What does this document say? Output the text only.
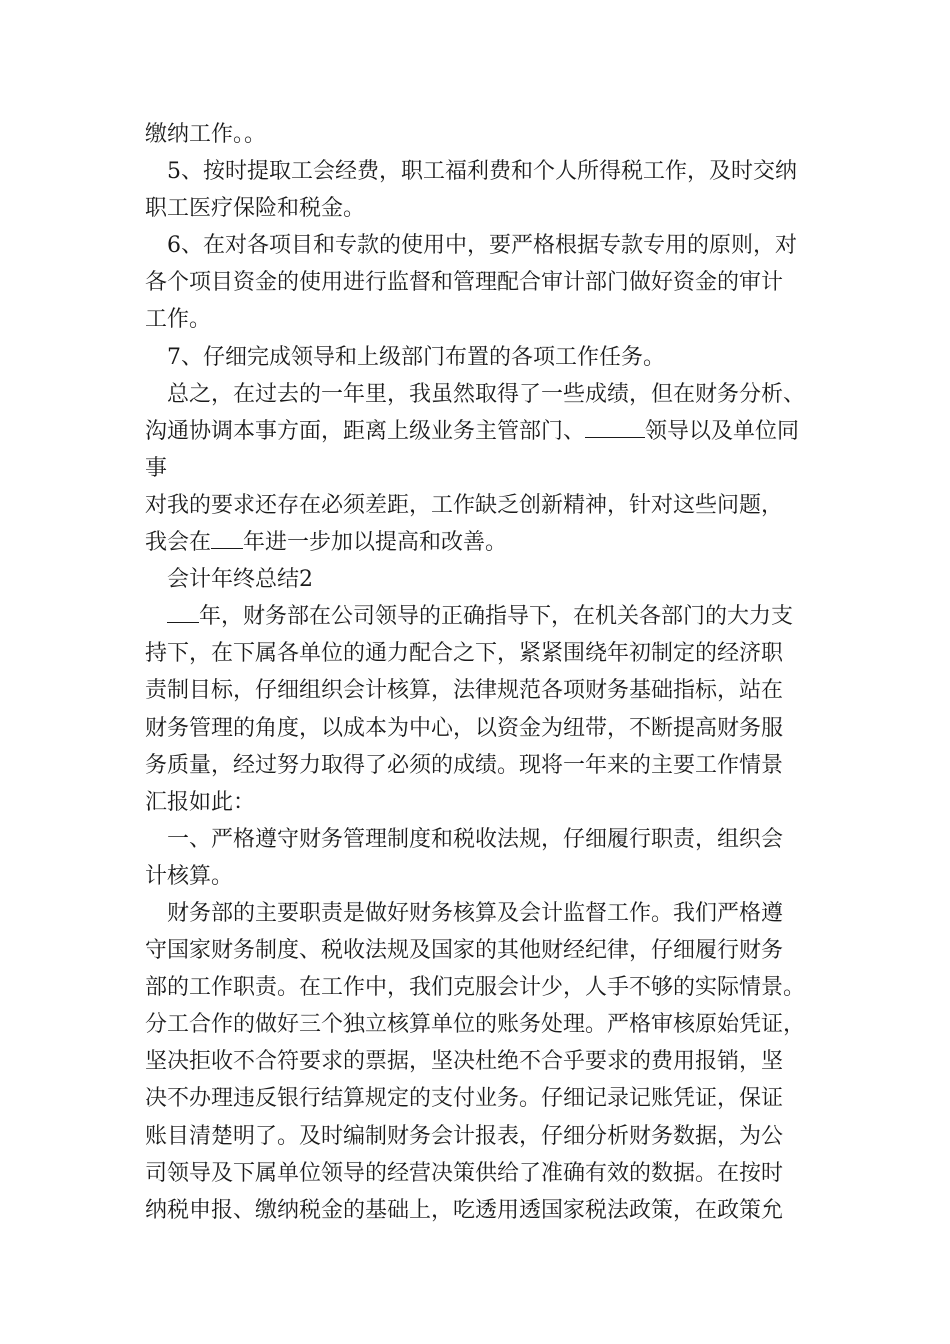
缴纳工作。。

5、按时提取工会经费，职工福利费和个人所得税工作，及时交纳

职工医疗保险和税金。

6、在对各项目和专款的使用中，要严格根据专款专用的原则，对

各个项目资金的使用进行监督和管理配合审计部门做好资金的审计

工作。

7、仔细完成领导和上级部门布置的各项工作任务。

总之，在过去的一年里，我虽然取得了一些成绩，但在财务分析、

沟通协调本事方面，距离上级业务主管部门、	领导以及单位同事

对我的要求还存在必须差距，工作缺乏创新精神，针对这些问题，

我会在 年进一步加以提高和改善。

会计年终总结2

年，财务部在公司领导的正确指导下，在机关各部门的大力支

持下，在下属各单位的通力配合之下，紧紧围绕年初制定的经济职

责制目标，仔细组织会计核算，法律规范各项财务基础指标，站在

财务管理的角度，以成本为中心，以资金为纽带，不断提高财务服

务质量，经过努力取得了必须的成绩。现将一年来的主要工作情景

汇报如此：

一、严格遵守财务管理制度和税收法规，仔细履行职责，组织会

计核算。

财务部的主要职责是做好财务核算及会计监督工作。我们严格遵

守国家财务制度、税收法规及国家的其他财经纪律，仔细履行财务

部的工作职责。在工作中，我们克服会计少，人手不够的实际情景。

分工合作的做好三个独立核算单位的账务处理。严格审核原始凭证，

坚决拒收不合符要求的票据，坚决杜绝不合乎要求的费用报销，坚

决不办理违反银行结算规定的支付业务。仔细记录记账凭证，保证

账目清楚明了。及时编制财务会计报表，仔细分析财务数据，为公

司领导及下属单位领导的经营决策供给了准确有效的数据。在按时

纳税申报、缴纳税金的基础上，吃透用透国家税法政策，在政策允
